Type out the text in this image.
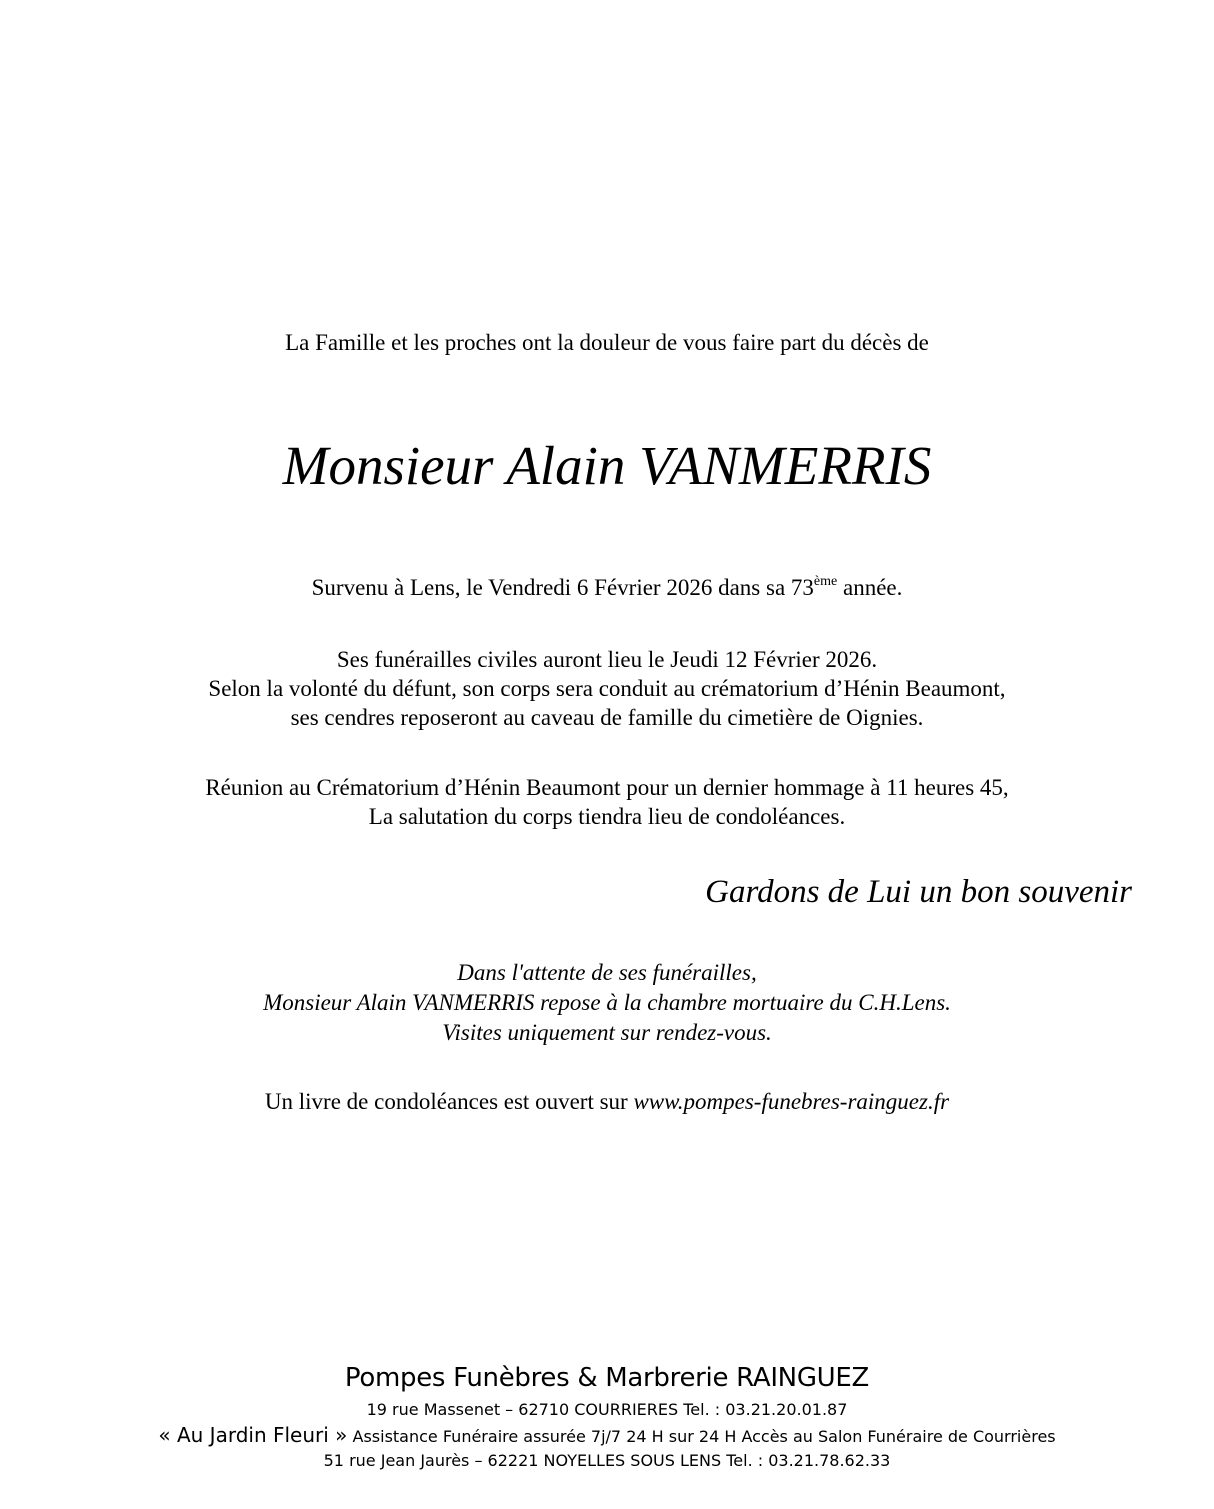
La Famille et les proches ont la douleur de vous faire part du décès de
Monsieur Alain VANMERRIS
Survenu à Lens, le Vendredi 6 Février 2026 dans sa 73ème année.
Ses funérailles civiles auront lieu le Jeudi 12 Février 2026.
Selon la volonté du défunt, son corps sera conduit au crématorium d’Hénin Beaumont,
ses cendres reposeront au caveau de famille du cimetière de Oignies.
Réunion au Crématorium d’Hénin Beaumont pour un dernier hommage à 11 heures 45,
La salutation du corps tiendra lieu de condoléances.
Gardons de Lui un bon souvenir
Dans l'attente de ses funérailles,
Monsieur Alain VANMERRIS repose à la chambre mortuaire du C.H.Lens.
Visites uniquement sur rendez-vous.
Un livre de condoléances est ouvert sur www.pompes-funebres-rainguez.fr
Pompes Funèbres & Marbrerie RAINGUEZ
19 rue Massenet – 62710 COURRIERES Tel. : 03.21.20.01.87
« Au Jardin Fleuri » Assistance Funéraire assurée 7j/7 24 H sur 24 H Accès au Salon Funéraire de Courrières
51 rue Jean Jaurès – 62221 NOYELLES SOUS LENS Tel. : 03.21.78.62.33
